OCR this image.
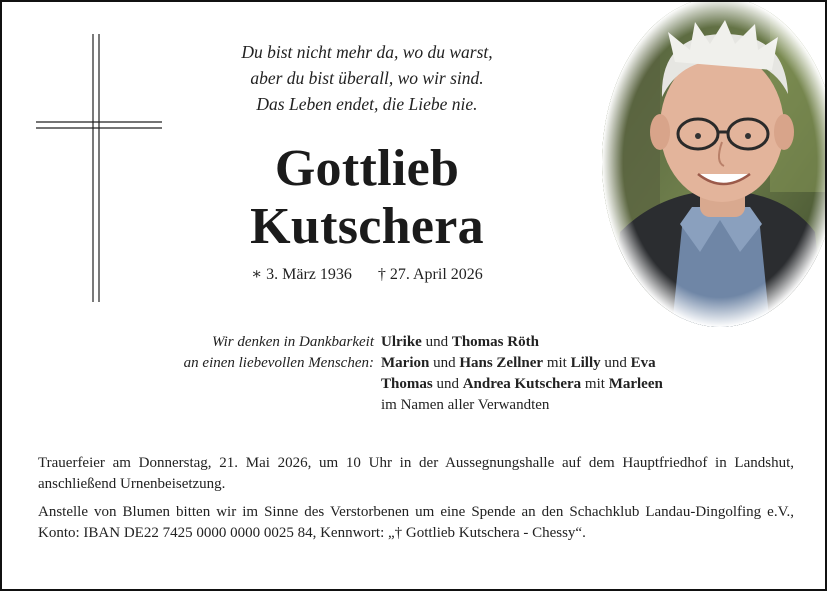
Du bist nicht mehr da, wo du warst,
aber du bist überall, wo wir sind.
Das Leben endet, die Liebe nie.
Gottlieb
Kutschera
∗ 3. März 1936 † 27. April 2026
Wir denken in Dankbarkeit
an einen liebevollen Menschen:
Ulrike und Thomas Röth
Marion und Hans Zellner mit Lilly und Eva
Thomas und Andrea Kutschera mit Marleen
im Namen aller Verwandten
Trauerfeier am Donnerstag, 21. Mai 2026, um 10 Uhr in der Aussegnungshalle auf dem Hauptfriedhof in Landshut, anschließend Urnenbeisetzung.
Anstelle von Blumen bitten wir im Sinne des Verstorbenen um eine Spende an den Schachklub Landau-Dingolfing e.V., Konto: IBAN DE22 7425 0000 0000 0025 84, Kennwort: „† Gottlieb Kutschera - Chessy“.
